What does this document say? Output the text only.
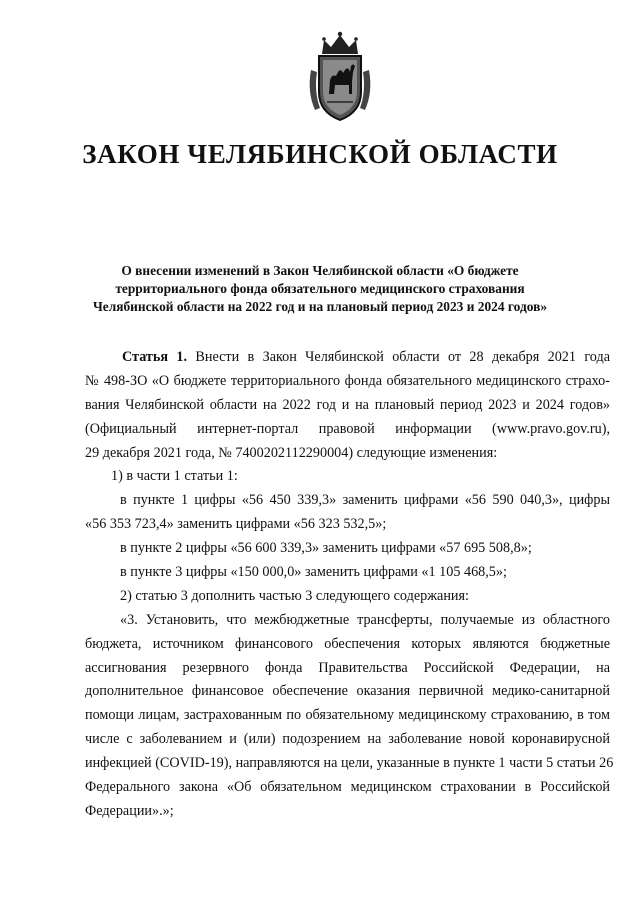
ЗАКОН ЧЕЛЯБИНСКОЙ ОБЛАСТИ
О внесении изменений в Закон Челябинской области «О бюджете
территориального фонда обязательного медицинского страхования
Челябинской области на 2022 год и на плановый период 2023 и 2024 годов»
Статья 1. Внести в Закон Челябинской области от 28 декабря 2021 года
№ 498-ЗО «О бюджете территориального фонда обязательного медицинского страхо-
вания Челябинской области на 2022 год и на плановый период 2023 и 2024 годов»
(Официальный интернет-портал правовой информации (www.pravo.gov.ru),
29 декабря 2021 года, № 7400202112290004) следующие изменения:
1) в части 1 статьи 1:
в пункте 1 цифры «56 450 339,3» заменить цифрами «56 590 040,3», цифры
«56 353 723,4» заменить цифрами «56 323 532,5»;
в пункте 2 цифры «56 600 339,3» заменить цифрами «57 695 508,8»;
в пункте 3 цифры «150 000,0» заменить цифрами «1 105 468,5»;
2) статью 3 дополнить частью 3 следующего содержания:
«3. Установить, что межбюджетные трансферты, получаемые из областного
бюджета, источником финансового обеспечения которых являются бюджетные
ассигнования резервного фонда Правительства Российской Федерации, на
дополнительное финансовое обеспечение оказания первичной медико-санитарной
помощи лицам, застрахованным по обязательному медицинскому страхованию, в том
числе с заболеванием и (или) подозрением на заболевание новой коронавирусной
инфекцией (COVID-19), направляются на цели, указанные в пункте 1 части 5 статьи 26
Федерального закона «Об обязательном медицинском страховании в Российской
Федерации».»;
